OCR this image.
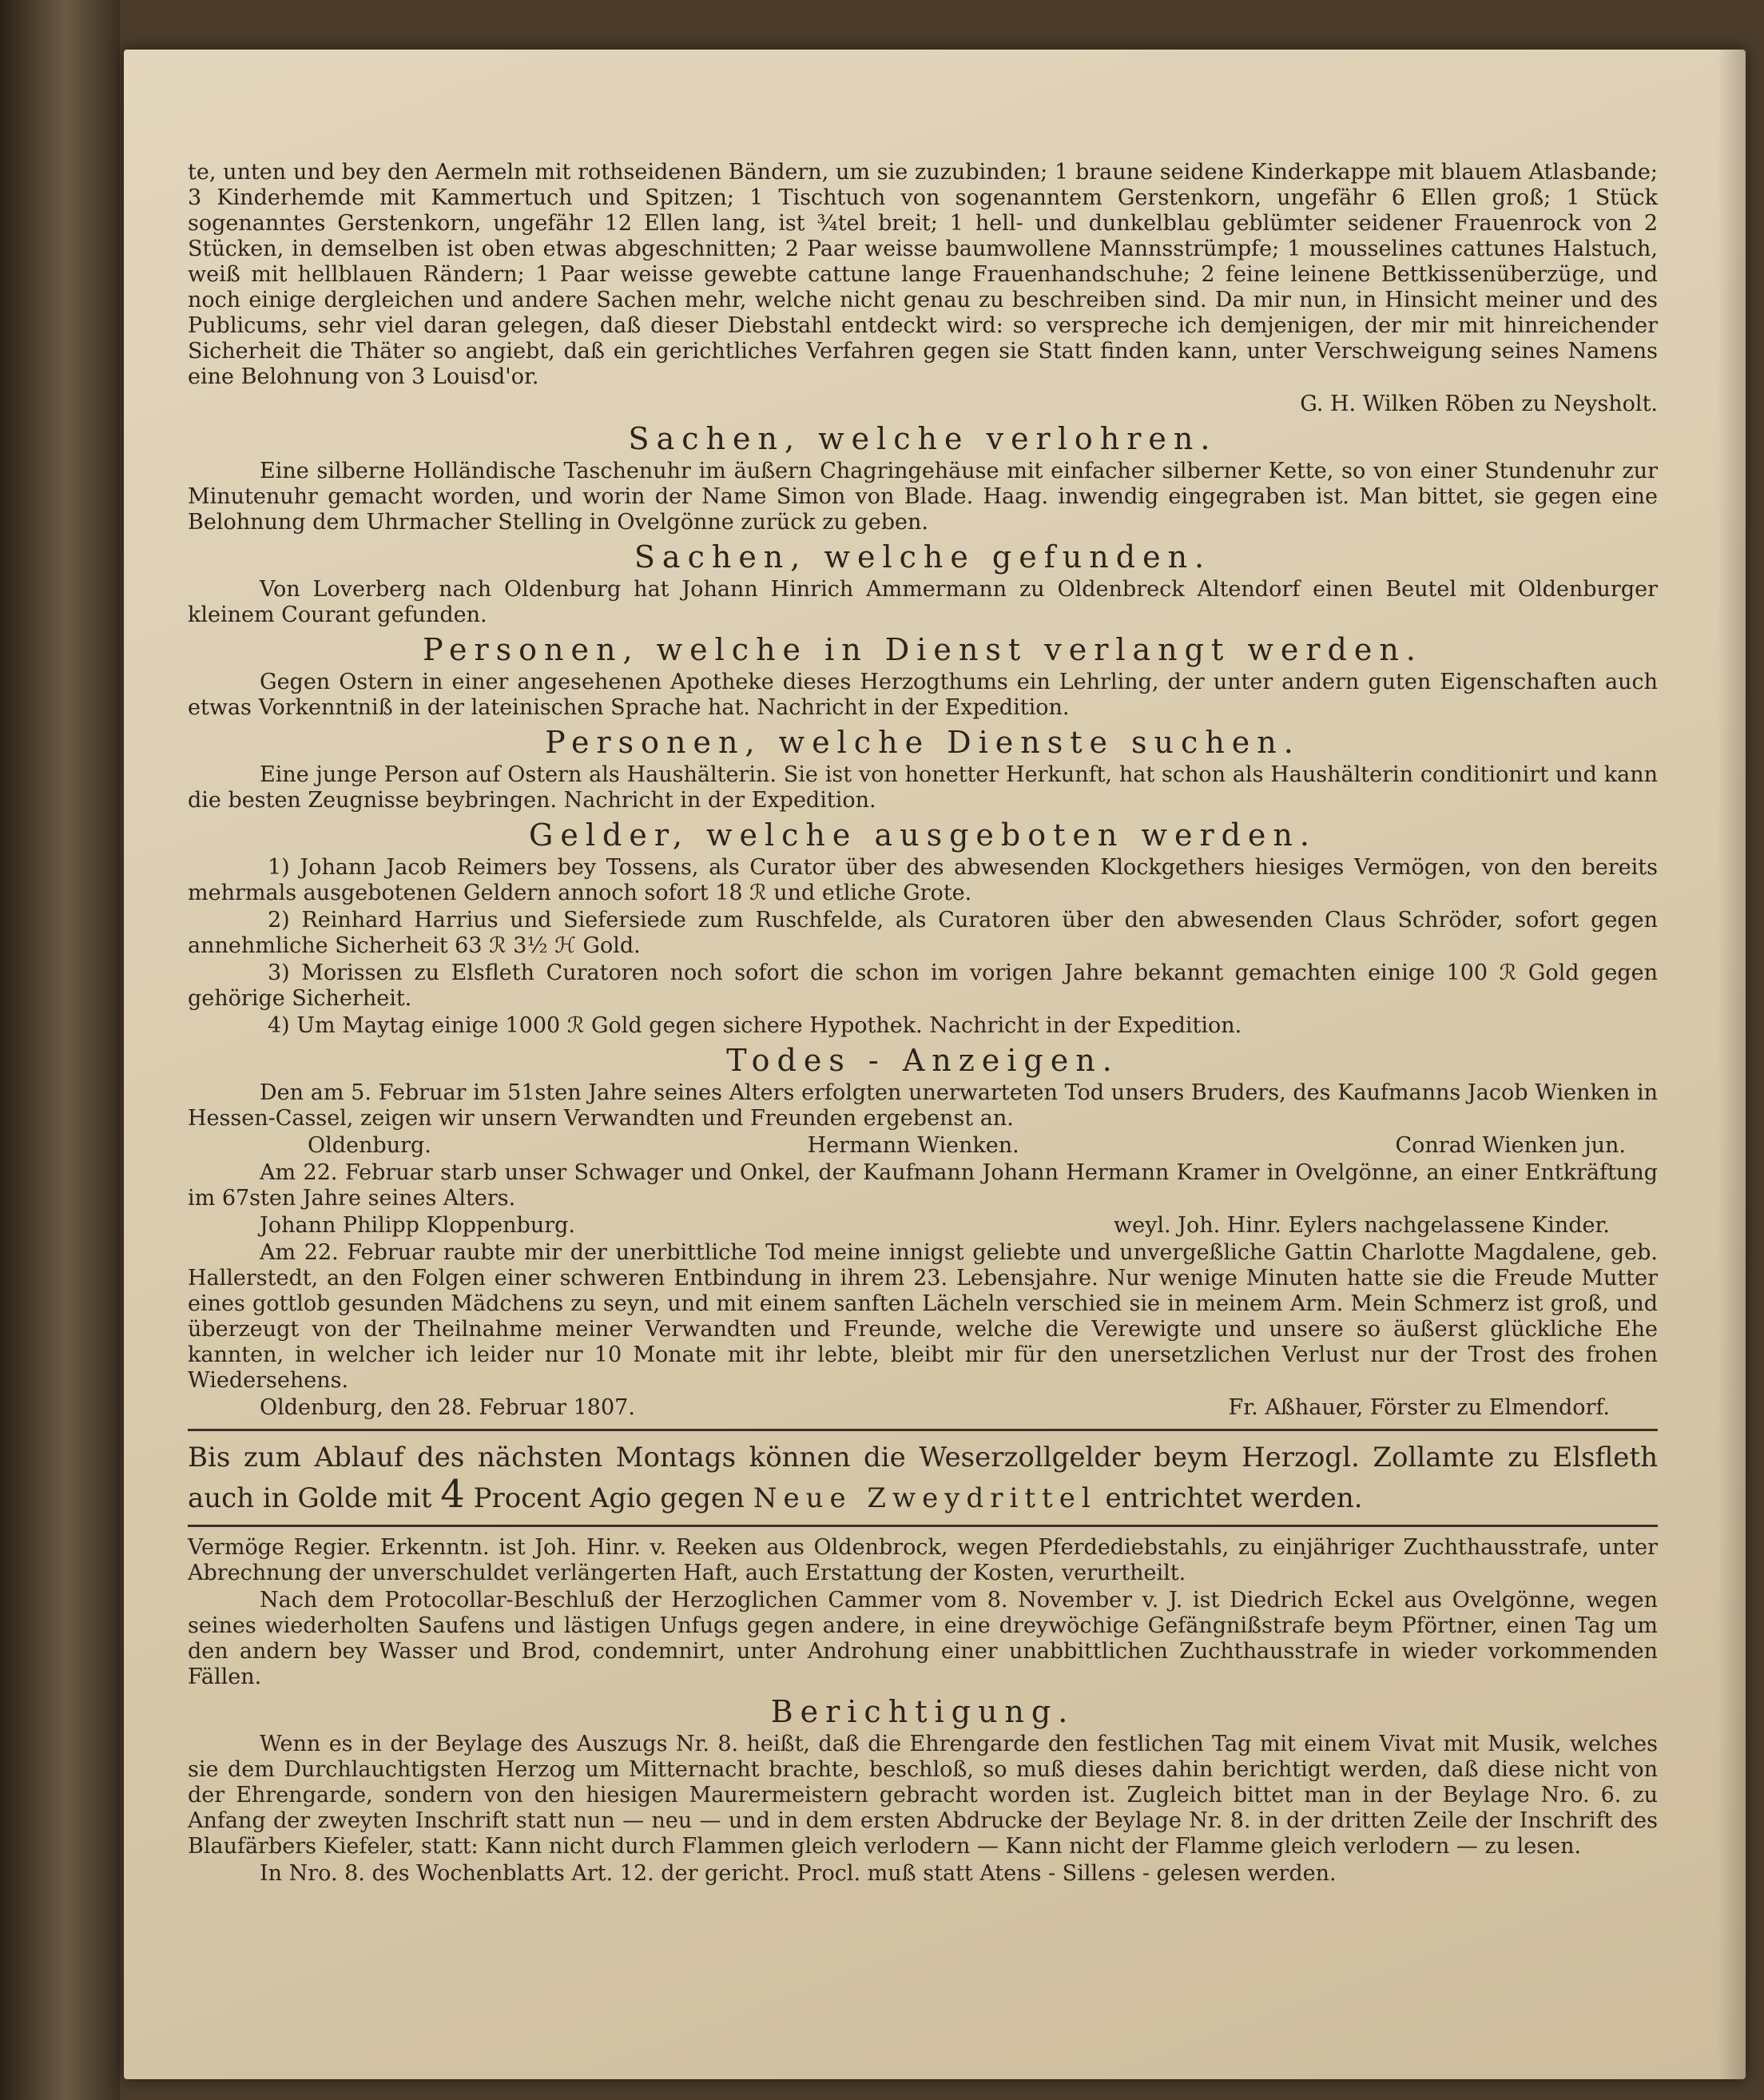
te, unten und bey den Aermeln mit rothseidenen Bändern, um sie zuzubinden; 1 braune seidene Kinderkappe mit blauem Atlasbande; 3 Kinderhemde mit Kammertuch und Spitzen; 1 Tischtuch von sogenanntem Gerstenkorn, ungefähr 6 Ellen groß; 1 Stück sogenanntes Gerstenkorn, ungefähr 12 Ellen lang, ist ¾tel breit; 1 hell- und dunkelblau geblümter seidener Frauenrock von 2 Stücken, in demselben ist oben etwas abgeschnitten; 2 Paar weisse baumwollene Mannsstrümpfe; 1 mousselines cattunes Halstuch, weiß mit hellblauen Rändern; 1 Paar weisse gewebte cattune lange Frauenhandschuhe; 2 feine leinene Bettkissenüberzüge, und noch einige dergleichen und andere Sachen mehr, welche nicht genau zu beschreiben sind. Da mir nun, in Hinsicht meiner und des Publicums, sehr viel daran gelegen, daß dieser Diebstahl entdeckt wird: so verspreche ich demjenigen, der mir mit hinreichender Sicherheit die Thäter so angiebt, daß ein gerichtliches Verfahren gegen sie Statt finden kann, unter Verschweigung seines Namens eine Belohnung von 3 Louisd'or.

G. H. Wilken Röben zu Neysholt.

Sachen, welche verlohren.

Eine silberne Holländische Taschenuhr im äußern Chagringehäuse mit einfacher silberner Kette, so von einer Stundenuhr zur Minutenuhr gemacht worden, und worin der Name Simon von Blade. Haag. inwendig eingegraben ist. Man bittet, sie gegen eine Belohnung dem Uhrmacher Stelling in Ovelgönne zurück zu geben.

Sachen, welche gefunden.

Von Loverberg nach Oldenburg hat Johann Hinrich Ammermann zu Oldenbreck Altendorf einen Beutel mit Oldenburger kleinem Courant gefunden.

Personen, welche in Dienst verlangt werden.

Gegen Ostern in einer angesehenen Apotheke dieses Herzogthums ein Lehrling, der unter andern guten Eigenschaften auch etwas Vorkenntniß in der lateinischen Sprache hat. Nachricht in der Expedition.

Personen, welche Dienste suchen.

Eine junge Person auf Ostern als Haushälterin. Sie ist von honetter Herkunft, hat schon als Haushälterin conditionirt und kann die besten Zeugnisse beybringen. Nachricht in der Expedition.

Gelder, welche ausgeboten werden.

1) Johann Jacob Reimers bey Tossens, als Curator über des abwesenden Klockgethers hiesiges Vermögen, von den bereits mehrmals ausgebotenen Geldern annoch sofort 18 ℛ und etliche Grote.

2) Reinhard Harrius und Siefersiede zum Ruschfelde, als Curatoren über den abwesenden Claus Schröder, sofort gegen annehmliche Sicherheit 63 ℛ 3½ ℋ Gold.

3) Morissen zu Elsfleth Curatoren noch sofort die schon im vorigen Jahre bekannt gemachten einige 100 ℛ Gold gegen gehörige Sicherheit.

4) Um Maytag einige 1000 ℛ Gold gegen sichere Hypothek. Nachricht in der Expedition.

Todes - Anzeigen.

Den am 5. Februar im 51sten Jahre seines Alters erfolgten unerwarteten Tod unsers Bruders, des Kaufmanns Jacob Wienken in Hessen-Cassel, zeigen wir unsern Verwandten und Freunden ergebenst an.

Oldenburg.	Hermann Wienken.	Conrad Wienken jun.

Am 22. Februar starb unser Schwager und Onkel, der Kaufmann Johann Hermann Kramer in Ovelgönne, an einer Entkräftung im 67sten Jahre seines Alters.

Johann Philipp Kloppenburg.	weyl. Joh. Hinr. Eylers nachgelassene Kinder.

Am 22. Februar raubte mir der unerbittliche Tod meine innigst geliebte und unvergeßliche Gattin Charlotte Magdalene, geb. Hallerstedt, an den Folgen einer schweren Entbindung in ihrem 23. Lebensjahre. Nur wenige Minuten hatte sie die Freude Mutter eines gottlob gesunden Mädchens zu seyn, und mit einem sanften Lächeln verschied sie in meinem Arm. Mein Schmerz ist groß, und überzeugt von der Theilnahme meiner Verwandten und Freunde, welche die Verewigte und unsere so äußerst glückliche Ehe kannten, in welcher ich leider nur 10 Monate mit ihr lebte, bleibt mir für den unersetzlichen Verlust nur der Trost des frohen Wiedersehens.

Oldenburg, den 28. Februar 1807.	Fr. Aßhauer, Förster zu Elmendorf.

Bis zum Ablauf des nächsten Montags können die Weserzollgelder beym Herzogl. Zollamte zu Elsfleth auch in Golde mit 4 Procent Agio gegen Neue Zweydrittel entrichtet werden.

Vermöge Regier. Erkenntn. ist Joh. Hinr. v. Reeken aus Oldenbrock, wegen Pferdediebstahls, zu einjähriger Zuchthausstrafe, unter Abrechnung der unverschuldet verlängerten Haft, auch Erstattung der Kosten, verurtheilt.

Nach dem Protocollar-Beschluß der Herzoglichen Cammer vom 8. November v. J. ist Diedrich Eckel aus Ovelgönne, wegen seines wiederholten Saufens und lästigen Unfugs gegen andere, in eine dreywöchige Gefängnißstrafe beym Pförtner, einen Tag um den andern bey Wasser und Brod, condemnirt, unter Androhung einer unabbittlichen Zuchthausstrafe in wieder vorkommenden Fällen.

Berichtigung.

Wenn es in der Beylage des Auszugs Nr. 8. heißt, daß die Ehrengarde den festlichen Tag mit einem Vivat mit Musik, welches sie dem Durchlauchtigsten Herzog um Mitternacht brachte, beschloß, so muß dieses dahin berichtigt werden, daß diese nicht von der Ehrengarde, sondern von den hiesigen Maurermeistern gebracht worden ist. Zugleich bittet man in der Beylage Nro. 6. zu Anfang der zweyten Inschrift statt nun — neu — und in dem ersten Abdrucke der Beylage Nr. 8. in der dritten Zeile der Inschrift des Blaufärbers Kiefeler, statt: Kann nicht durch Flammen gleich verlodern — Kann nicht der Flamme gleich verlodern — zu lesen.

In Nro. 8. des Wochenblatts Art. 12. der gericht. Procl. muß statt Atens - Sillens - gelesen werden.
